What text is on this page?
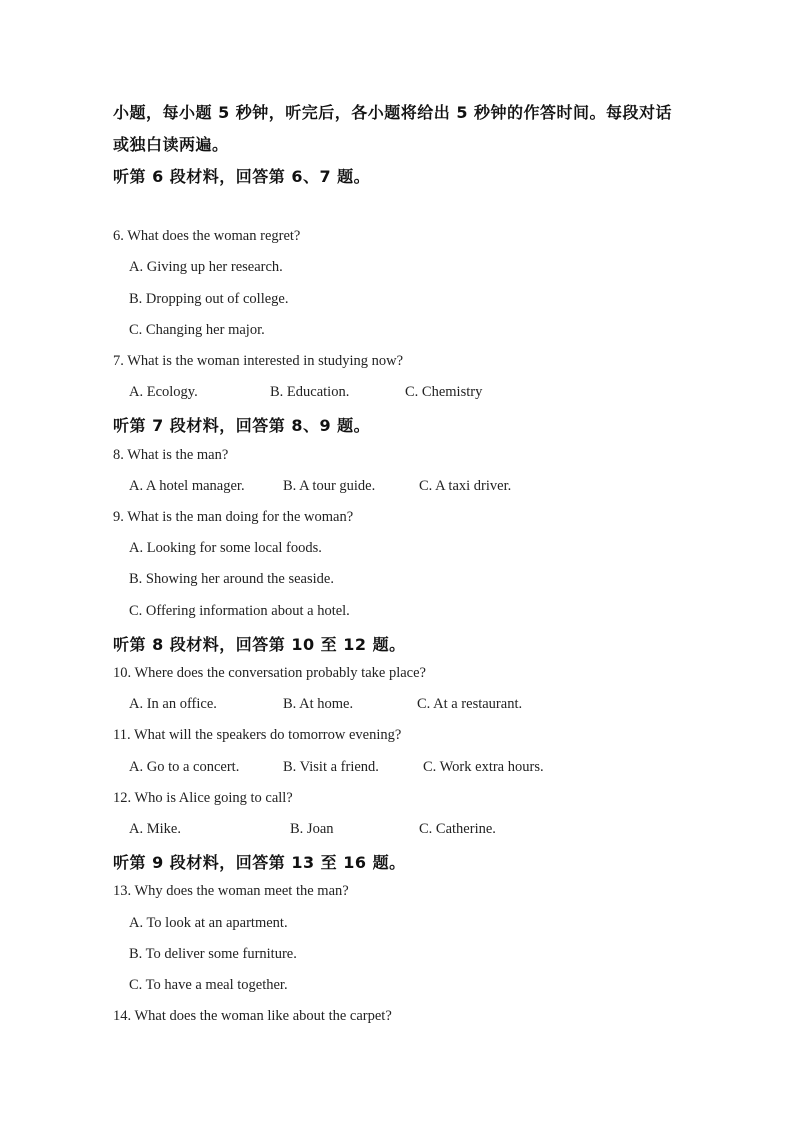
小题，每小题 5 秒钟，听完后，各小题将给出 5 秒钟的作答时间。每段对话
或独白读两遍。
听第 6 段材料，回答第 6、7 题。
6. What does the woman regret?
A. Giving up her research.
B. Dropping out of college.
C. Changing her major.
7. What is the woman interested in studying now?
A. Ecology.	B. Education.	C. Chemistry
听第 7 段材料，回答第 8、9 题。
8. What is the man?
A. A hotel manager.	B. A tour guide.	C. A taxi driver.
9. What is the man doing for the woman?
A. Looking for some local foods.
B. Showing her around the seaside.
C. Offering information about a hotel.
听第 8 段材料，回答第 10 至 12 题。
10. Where does the conversation probably take place?
A. In an office.	B. At home.	C. At a restaurant.
11. What will the speakers do tomorrow evening?
A. Go to a concert.	B. Visit a friend.	C. Work extra hours.
12. Who is Alice going to call?
A. Mike.	B. Joan	C. Catherine.
听第 9 段材料，回答第 13 至 16 题。
13. Why does the woman meet the man?
A. To look at an apartment.
B. To deliver some furniture.
C. To have a meal together.
14. What does the woman like about the carpet?
